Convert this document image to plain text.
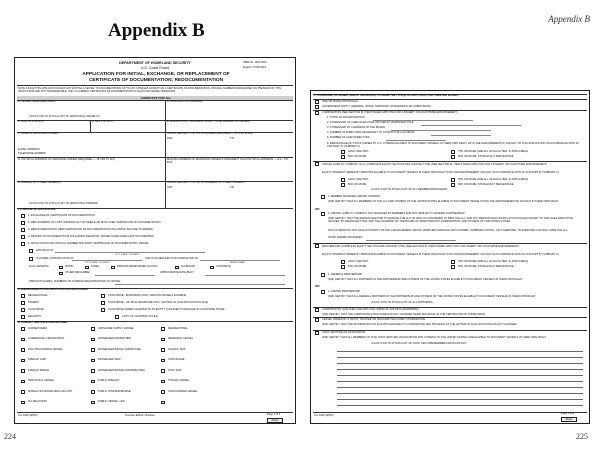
Appendix B
Appendix B
224	225
DEPARTMENT OF HOMELAND SECURITY
U.S. Coast Guard
OMB No. 1625-0027
Expires: 07/31/2019
APPLICATION FOR INITIAL, EXCHANGE, OR REPLACEMENT OF
CERTIFICATE OF DOCUMENTATION; REDOCUMENTATION
NOTE: FILING THIS APPLICATION DOES NOT ENTITLE A VESSEL TO DOCUMENTATION OR TO ANY CHANGES SOUGHT ON A CERTIFICATE OF DOCUMENTATION. OFFICIAL NUMBERS DESIGNATED ON THE BASIS OF THIS APPLICATION ARE NOT TRANSFERABLE. ONLY A CURRENT CERTIFICATE OF DOCUMENTATION IS VALID FOR VESSEL OPERATION.
COMPLETE FOR ALL
A. VESSEL NAME (REQUIRED)	B. OFFICIAL # (IF ASSIGNED)
CLICK ICON TO ATTACH LIST OF ADDITIONAL VESSEL(S)
C. HULL ID # (IF ANY)	D. IMO # (IF ANY)	E. HAILING PORT INCLUDING STATE. (TO BE MARKED ON VESSEL)
F. NAME OF MANAGING OWNER	SOCIAL SECURITY OR TAX ID NUMBER (REQUIRED — 46 USC 12104)
SSN	TIN
E-MAIL ADDRESS
TELEPHONE NUMBER
G. PHYSICAL ADDRESS OF MANAGING OWNER (REQUIRED — 46 CFR 67.113)	MAILING ADDRESS OF MANAGING OWNER IF DIFFERENT THAN PHYSICAL ADDRESS — E.G., P.O. BOX
H. NAME(S) OF OTHER OWNER(S)	SOCIAL SECURITY OR TAX ID NUMBERS OF OTHER OWNERS
SSN	TIN
CLICK ICON TO ATTACH LIST OF ADDITIONAL OWNERS
I. PURPOSE OF APPLICATION
1. EXCHANGE OF CERTIFICATE OF DOCUMENTATION
2. REPLACEMENT OF LOST, WRONGFULLY WITHHELD OR MUTILATED CERTIFICATE OF DOCUMENTATION
3. REDOCUMENTATION (NEW CERTIFICATE OF DOCUMENTATION FOLLOWING FAILURE TO RENEW)
4. RETURN TO DOCUMENTATION FOLLOWING DELETION. VESSEL NAME WHEN LAST DOCUMENTED
5. APPLICATION FOR OFFICIAL NUMBER AND FIRST CERTIFICATE OF DOCUMENTATION. VESSEL
WAS BUILT AT
CITY, STATE, COUNTRY
IS UNDER CONSTRUCTION AT	AND IS SCHEDULED FOR COMPLETION IN
CITY, STATE, COUNTRY	MONTH/YEAR
HULL MATERIAL	WOOD	STEEL	FIBROUS REINFORCED PLASTIC	ALUMINUM	CONCRETE
OTHER (DESCRIBE)	APPROXIMATE DATE BUILT
PREVIOUS NAMES, NUMBERS OR FOREIGN REGISTRATIONS OF VESSEL
J. ENDORSEMENTS FOR WHICH APPLICATION IS MADE
RECREATIONAL
FISHERY
COASTWISE
REGISTRY
COASTWISE - BOWATERS (ONLY CERTAIN VESSELS ELIGIBLE)
COASTWISE - OIL SPILL RESPONSE ONLY (LETTER OF QUALIFICATION ON FILE)
COASTWISE UNDER CHARTER TO AN ENTITY QUALIFIED TO ENGAGE IN COASTWISE TRADE
COPY OF CHARTER ON FILE
K. PRIMARY SERVICE & HORSEPOWER
HORSEPOWER
COMMERCIAL FISHING BOAT
FISH PROCESSING VESSEL
FREIGHT SHIP
FREIGHT BARGE
INDUSTRIAL VESSEL
MOBILE OFFSHORE DRILLING UNIT
OIL RECOVERY
OFFSHORE SUPPLY VESSEL
PASSENGER (INSPECTED)
PASSENGER BARGE (INSPECTED)
PASSENGER SHIP
PASSENGER BARGE (UNINSPECTED)
PUBLIC FREIGHT
PUBLIC TANKSHIP/BARGE
PUBLIC VESSEL, UNC
RECREATIONAL
RESEARCH VESSEL
SCHOOL SHIP
TANK BARGE
TANK SHIP
TOWING VESSEL
UNCLASSIFIED VESSEL
CG-1258 (08/16)	Previous Edition Obsolete	Page 1 of 4
Reset
L. CITIZENSHIP OF OWNER (CHECK THE BOX(ES) TO SHOW THE TYPE(S) OF ENTITY(IES) THAT OWN THE VESSEL)
ONE OR MORE INDIVIDUALS
GOVERNMENT ENTITY (FEDERAL, STATE, TERRITORY, POSSESSION OR SUBDIVISION)
CORPORATION (SEE SECTION M, ITEM 8 WHEN APPLYING FOR A FISHERY OR COASTWISE ENDORSEMENT)
1. STATE OF INCORPORATION
2. CITIZENSHIP OF CHIEF EXECUTIVE OFFICER BY WHATEVER TITLE
3. CITIZENSHIP OF CHAIRMAN OF THE BOARD
4. NUMBER OF DIRECTORS NECESSARY TO CONSTITUTE A QUORUM
5. NUMBER OF ALIEN DIRECTORS
6. PERCENTAGE OF STOCK OWNED BY U.S. CITIZENS ELIGIBLE TO DOCUMENT VESSELS IN THEIR OWN RIGHT, WITH THE ENDORSEMENT(S) SOUGHT ON THIS APPLICATION IN ACCORDANCE WITH 46 CFR PART 67 (SUBPART C)
LESS THAN 50%
50% OR MORE
75% OR MORE (ARE ALL OF EACH TIER, IF APPLICABLE)
90% OR MORE; STATE EXACT PERCENTAGE
LIMITED LIABILITY COMPANY (LLC) (COMPLETE EQUITY SECTION AND CHOOSE TYPE) (SEE SECTION M, ITEM 8 WHEN APPLYING FOR A FISHERY OR COASTWISE ENDORSEMENT)
EQUITY INTEREST OWNED BY PERSONS ELIGIBLE TO DOCUMENT VESSELS IN THEIR OWN RIGHT WITH THE ENDORSEMENT SOUGHT IN ACCORDANCE WITH 46 CFR PART 67 (SUBPART C)
LESS THAN 50%
50% OR MORE
75% OR MORE (ARE ALL OF EACH TIER, IF APPLICABLE)
90% OR MORE; STATE EXACT PERCENTAGE
(CLICK ICON TO ATTACH LIST OF ALL MEMBERS/MANAGERS)
1. MEMBER MANAGED LIMITED COMPANY
(046) CERTIFY THAT ALL MEMBERS OF THE LLC ARE CITIZENS OF THE UNITED STATES ELIGIBLE TO DOCUMENT VESSELS WITH THE ENDORSEMENT(S) SOUGHT IN THEIR OWN RIGHT.
OR
2. LIMITED LIABILITY COMPANY NOT MANAGED BY MEMBERS AND NOT SIMILAR TO GENERAL PARTNERSHIP.
(046) CERTIFY THAT THE PERSON ELECTED TO MANAGE THE LLC OR WHO IS AUTHORIZED TO BIND THE LLC, AND ANY PERSON WHO HOLDS A POSITION EQUIVALENT TO THE CHIEF EXECUTIVE OFFICER, BY WHATEVER TITLE, AND THE CHAIRMAN OF THE BOARD OF DIRECTORS IN A CORPORATION, ARE CITIZENS OF THE UNITED STATES.
NON-CITIZENS DO NOT HAVE AUTHORITY WITHIN A MANAGEMENT GROUP, WHETHER THROUGH VETO POWER, COMBINED VOTING, OR OTHERWISE, TO EXERCISE CONTROL OVER THE LLC.
STATE WHERE ORGANIZED
PARTNERSHIP (COMPLETE EQUITY SECTION AND CHOOSE TYPE) (SEE SECTION M, ITEM 8 WHEN APPLYING FOR FISHERY OR COASTWISE ENDORSEMENT)
EQUITY INTEREST OWNED BY PERSONS ELIGIBLE TO DOCUMENT VESSELS IN THEIR OWN RIGHT WITH THE ENDORSEMENT SOUGHT IN ACCORDANCE WITH 46 CFR PART 67 (SUBPART C)
LESS THAN 50%
50% OR MORE
75% OR MORE (ARE ALL OF EACH TIER, IF APPLICABLE)
90% OR MORE; STATE EXACT PERCENTAGE
1. GENERAL PARTNERSHIP
(046) CERTIFY THAT ALL PARTNERS IN THE PARTNERSHIP ARE CITIZENS OF THE UNITED STATES ELIGIBLE TO DOCUMENT VESSELS IN THEIR OWN RIGHT.
OR
2. LIMITED PARTNERSHIP
(046) CERTIFY THAT ALL GENERAL PARTNERS IN THE PARTNERSHIP ARE CITIZENS OF THE UNITED STATES ELIGIBLE TO DOCUMENT VESSELS IN THEIR OWN RIGHT.
(CLICK ICON TO ATTACH LIST OF ALL PARTNERS)
CORPORATION QUALIFIED AND APPLYING UNDER 46 CFR 68.01 (BOWATERS)
(046) CERTIFY THAT THE CORPORATE STRUCTURE HAS NOT CHANGED SINCE ISSUANCE OF THE CERTIFICATE OF COMPLIANCE.
VESSEL OWNED BY A TRUST, TRUSTEE OR FIDUCIARY RECOVERY COOPERATIVE
(046) CERTIFY THAT THE INFORMATION ON FILE WITH REGARD TO COOPERATIVE AND ISSUANCE OF THE LETTER OF QUALIFICATION HAS NOT CHANGED.
JOINT VENTURE OR ASSOCIATION
(046) CERTIFY THAT ALL MEMBERS OF THIS JOINT VENTURE (ASSOCIATION AND CITIZENS OF THE UNITED STATES) ARE ELIGIBLE TO DOCUMENT VESSELS IN THEIR OWN RIGHT.
(CLICK ICON TO ATTACH LIST OF JOINT VENTURE/MEMBERS/ASSOCIATION)
CG-1258 (08/16)
Page 2 of 4
Reset
